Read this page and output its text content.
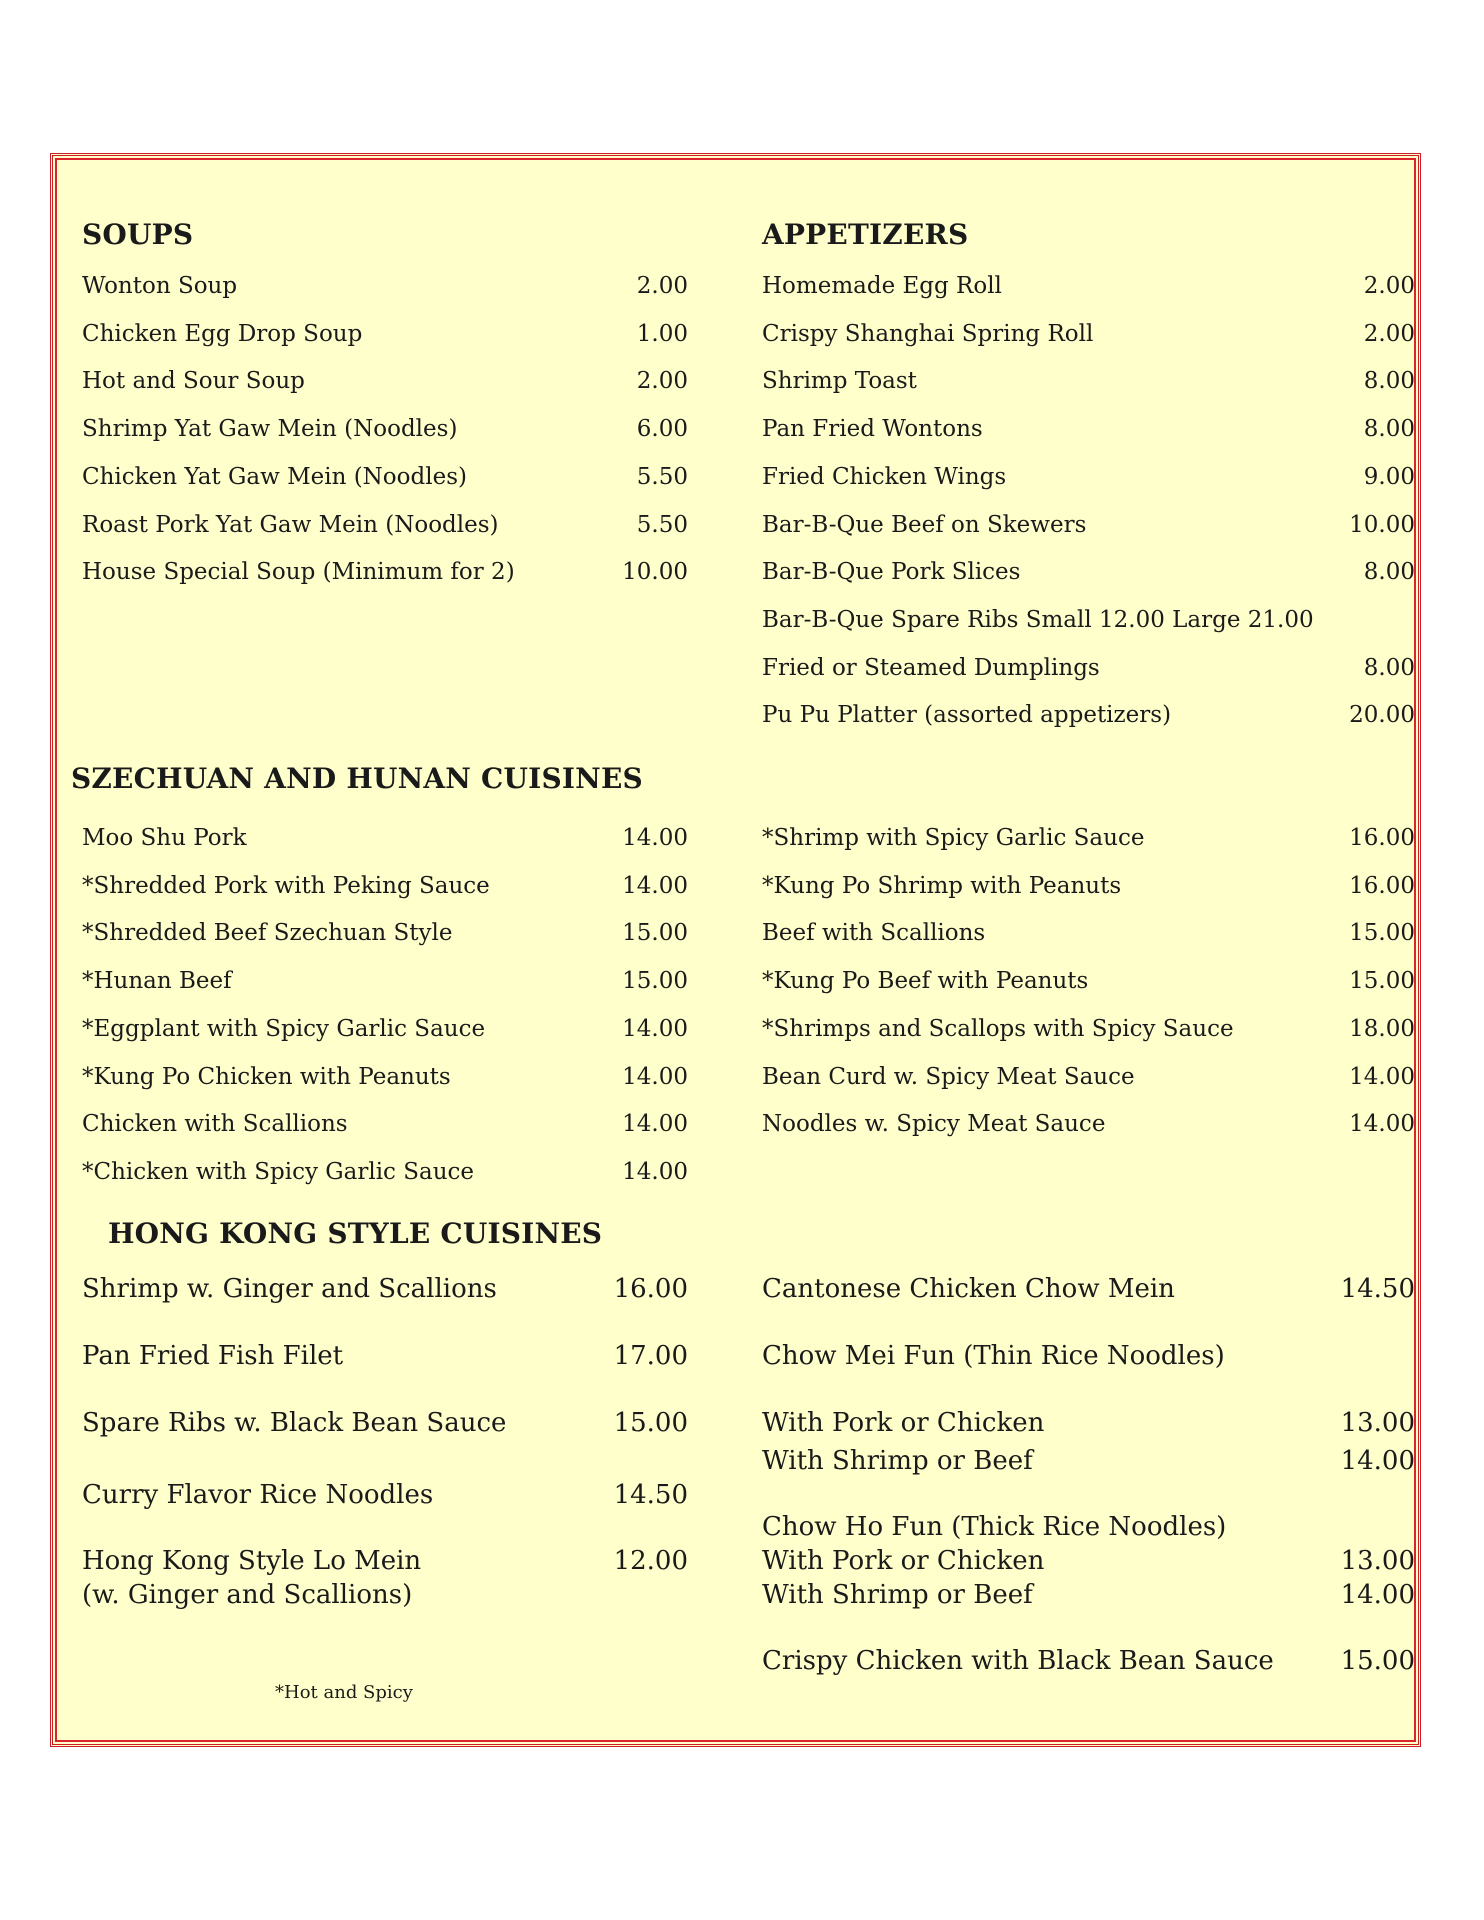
SOUPS
Wonton Soup	2.00
Chicken Egg Drop Soup	1.00
Hot and Sour Soup	2.00
Shrimp Yat Gaw Mein (Noodles)	6.00
Chicken Yat Gaw Mein (Noodles)	5.50
Roast Pork Yat Gaw Mein (Noodles)	5.50
House Special Soup (Minimum for 2)	10.00
APPETIZERS
Homemade Egg Roll	2.00
Crispy Shanghai Spring Roll	2.00
Shrimp Toast	8.00
Pan Fried Wontons	8.00
Fried Chicken Wings	9.00
Bar-B-Que Beef on Skewers	10.00
Bar-B-Que Pork Slices	8.00
Bar-B-Que Spare Ribs Small 12.00 Large 21.00
Fried or Steamed Dumplings	8.00
Pu Pu Platter (assorted appetizers)	20.00
SZECHUAN AND HUNAN CUISINES
Moo Shu Pork	14.00
*Shredded Pork with Peking Sauce	14.00
*Shredded Beef Szechuan Style	15.00
*Hunan Beef	15.00
*Eggplant with Spicy Garlic Sauce	14.00
*Kung Po Chicken with Peanuts	14.00
Chicken with Scallions	14.00
*Chicken with Spicy Garlic Sauce	14.00
*Shrimp with Spicy Garlic Sauce	16.00
*Kung Po Shrimp with Peanuts	16.00
Beef with Scallions	15.00
*Kung Po Beef with Peanuts	15.00
*Shrimps and Scallops with Spicy Sauce	18.00
Bean Curd w. Spicy Meat Sauce	14.00
Noodles w. Spicy Meat Sauce	14.00
HONG KONG STYLE CUISINES
Shrimp w. Ginger and Scallions	16.00
Pan Fried Fish Filet	17.00
Spare Ribs w. Black Bean Sauce	15.00
Curry Flavor Rice Noodles	14.50
Hong Kong Style Lo Mein	12.00
(w. Ginger and Scallions)
Cantonese Chicken Chow Mein	14.50
Chow Mei Fun (Thin Rice Noodles)
With Pork or Chicken	13.00
With Shrimp or Beef	14.00
Chow Ho Fun (Thick Rice Noodles)
With Pork or Chicken	13.00
With Shrimp or Beef	14.00
Crispy Chicken with Black Bean Sauce	15.00
*Hot and Spicy
